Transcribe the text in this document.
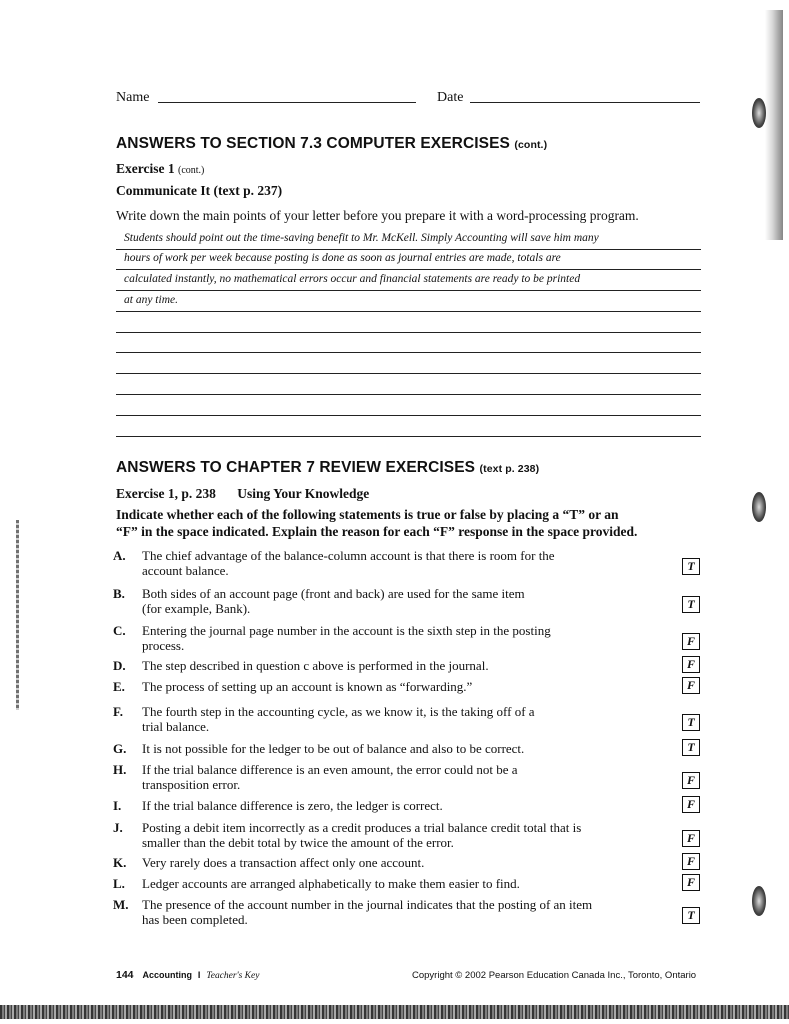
Name	Date
ANSWERS TO SECTION 7.3 COMPUTER EXERCISES (cont.)
Exercise 1 (cont.)
Communicate It (text p. 237)
Write down the main points of your letter before you prepare it with a word-processing program.
Students should point out the time-saving benefit to Mr. McKell. Simply Accounting will save him many
hours of work per week because posting is done as soon as journal entries are made, totals are
calculated instantly, no mathematical errors occur and financial statements are ready to be printed
at any time.
ANSWERS TO CHAPTER 7 REVIEW EXERCISES (text p. 238)
Exercise 1, p. 238 Using Your Knowledge
Indicate whether each of the following statements is true or false by placing a “T” or an
“F” in the space indicated. Explain the reason for each “F” response in the space provided.
A. The chief advantage of the balance-column account is that there is room for the
account balance.	T
B. Both sides of an account page (front and back) are used for the same item
(for example, Bank).	T
C. Entering the journal page number in the account is the sixth step in the posting
process.	F
D. The step described in question c above is performed in the journal.	F
E. The process of setting up an account is known as “forwarding.”	F
F. The fourth step in the accounting cycle, as we know it, is the taking off of a
trial balance.	T
G. It is not possible for the ledger to be out of balance and also to be correct.	T
H. If the trial balance difference is an even amount, the error could not be a
transposition error.	F
I. If the trial balance difference is zero, the ledger is correct.	F
J. Posting a debit item incorrectly as a credit produces a trial balance credit total that is
smaller than the debit total by twice the amount of the error.	F
K. Very rarely does a transaction affect only one account.	F
L. Ledger accounts are arranged alphabetically to make them easier to find.	F
M. The presence of the account number in the journal indicates that the posting of an item
has been completed.	T
144 Accounting I Teacher's Key	Copyright © 2002 Pearson Education Canada Inc., Toronto, Ontario
